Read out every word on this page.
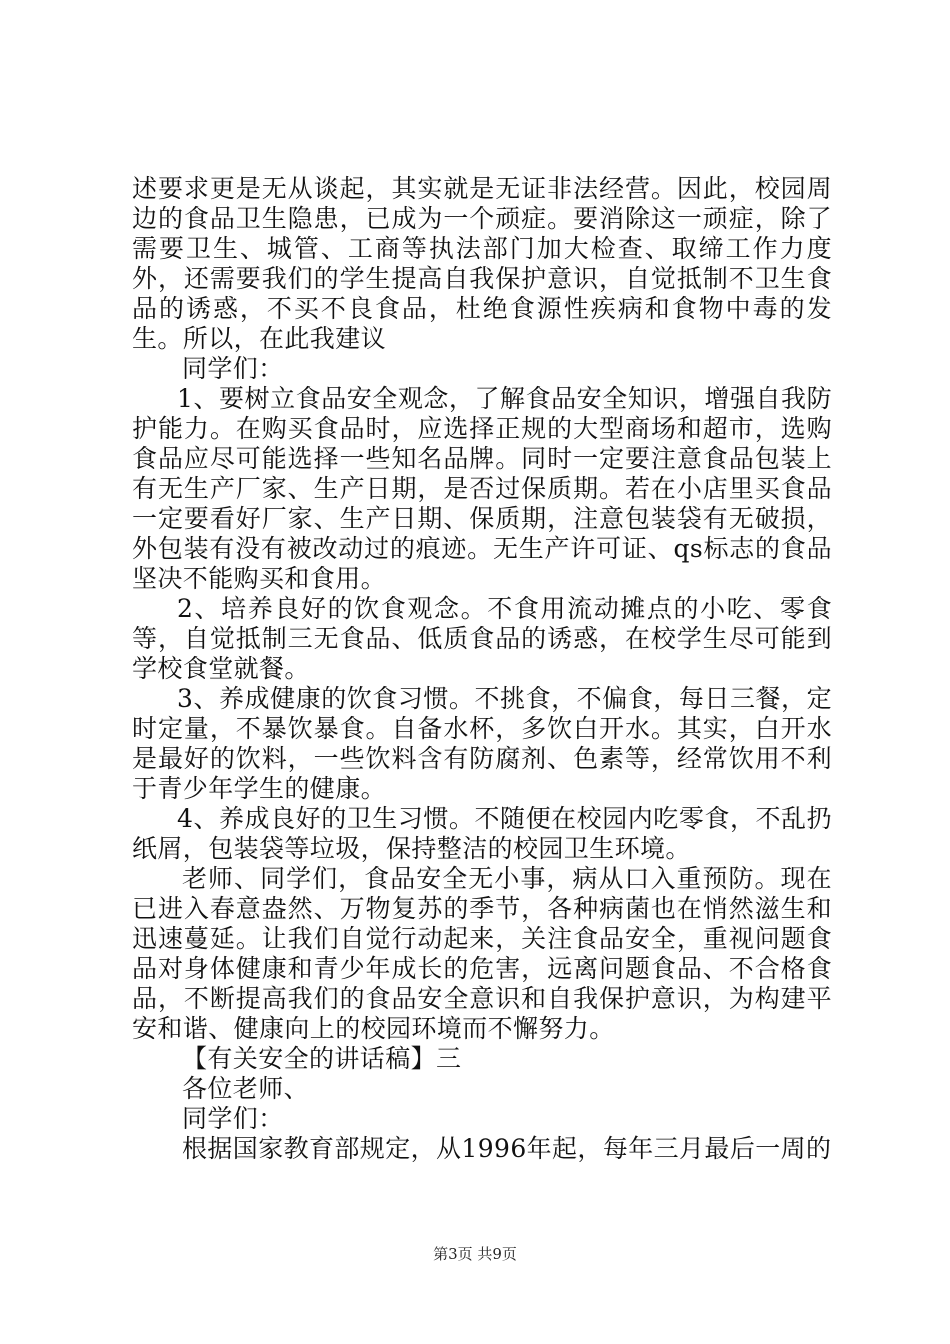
述要求更是无从谈起，其实就是无证非法经营。因此，校园周边的食品卫生隐患，已成为一个顽症。要消除这一顽症，除了需要卫生、城管、工商等执法部门加大检查、取缔工作力度外，还需要我们的学生提高自我保护意识，自觉抵制不卫生食品的诱惑，不买不良食品，杜绝食源性疾病和食物中毒的发生。所以，在此我建议

同学们：

1、要树立食品安全观念，了解食品安全知识，增强自我防护能力。在购买食品时，应选择正规的大型商场和超市，选购食品应尽可能选择一些知名品牌。同时一定要注意食品包装上有无生产厂家、生产日期，是否过保质期。若在小店里买食品一定要看好厂家、生产日期、保质期，注意包装袋有无破损，外包装有没有被改动过的痕迹。无生产许可证、qs标志的食品坚决不能购买和食用。

2、培养良好的饮食观念。不食用流动摊点的小吃、零食等，自觉抵制三无食品、低质食品的诱惑，在校学生尽可能到学校食堂就餐。

3、养成健康的饮食习惯。不挑食，不偏食，每日三餐，定时定量，不暴饮暴食。自备水杯，多饮白开水。其实，白开水是最好的饮料，一些饮料含有防腐剂、色素等，经常饮用不利于青少年学生的健康。

4、养成良好的卫生习惯。不随便在校园内吃零食，不乱扔纸屑，包装袋等垃圾，保持整洁的校园卫生环境。

老师、同学们，食品安全无小事，病从口入重预防。现在已进入春意盎然、万物复苏的季节，各种病菌也在悄然滋生和迅速蔓延。让我们自觉行动起来，关注食品安全，重视问题食品对身体健康和青少年成长的危害，远离问题食品、不合格食品，不断提高我们的食品安全意识和自我保护意识，为构建平安和谐、健康向上的校园环境而不懈努力。

【有关安全的讲话稿】三

各位老师、

同学们：

根据国家教育部规定，从1996年起，每年三月最后一周的

第3页 共9页
